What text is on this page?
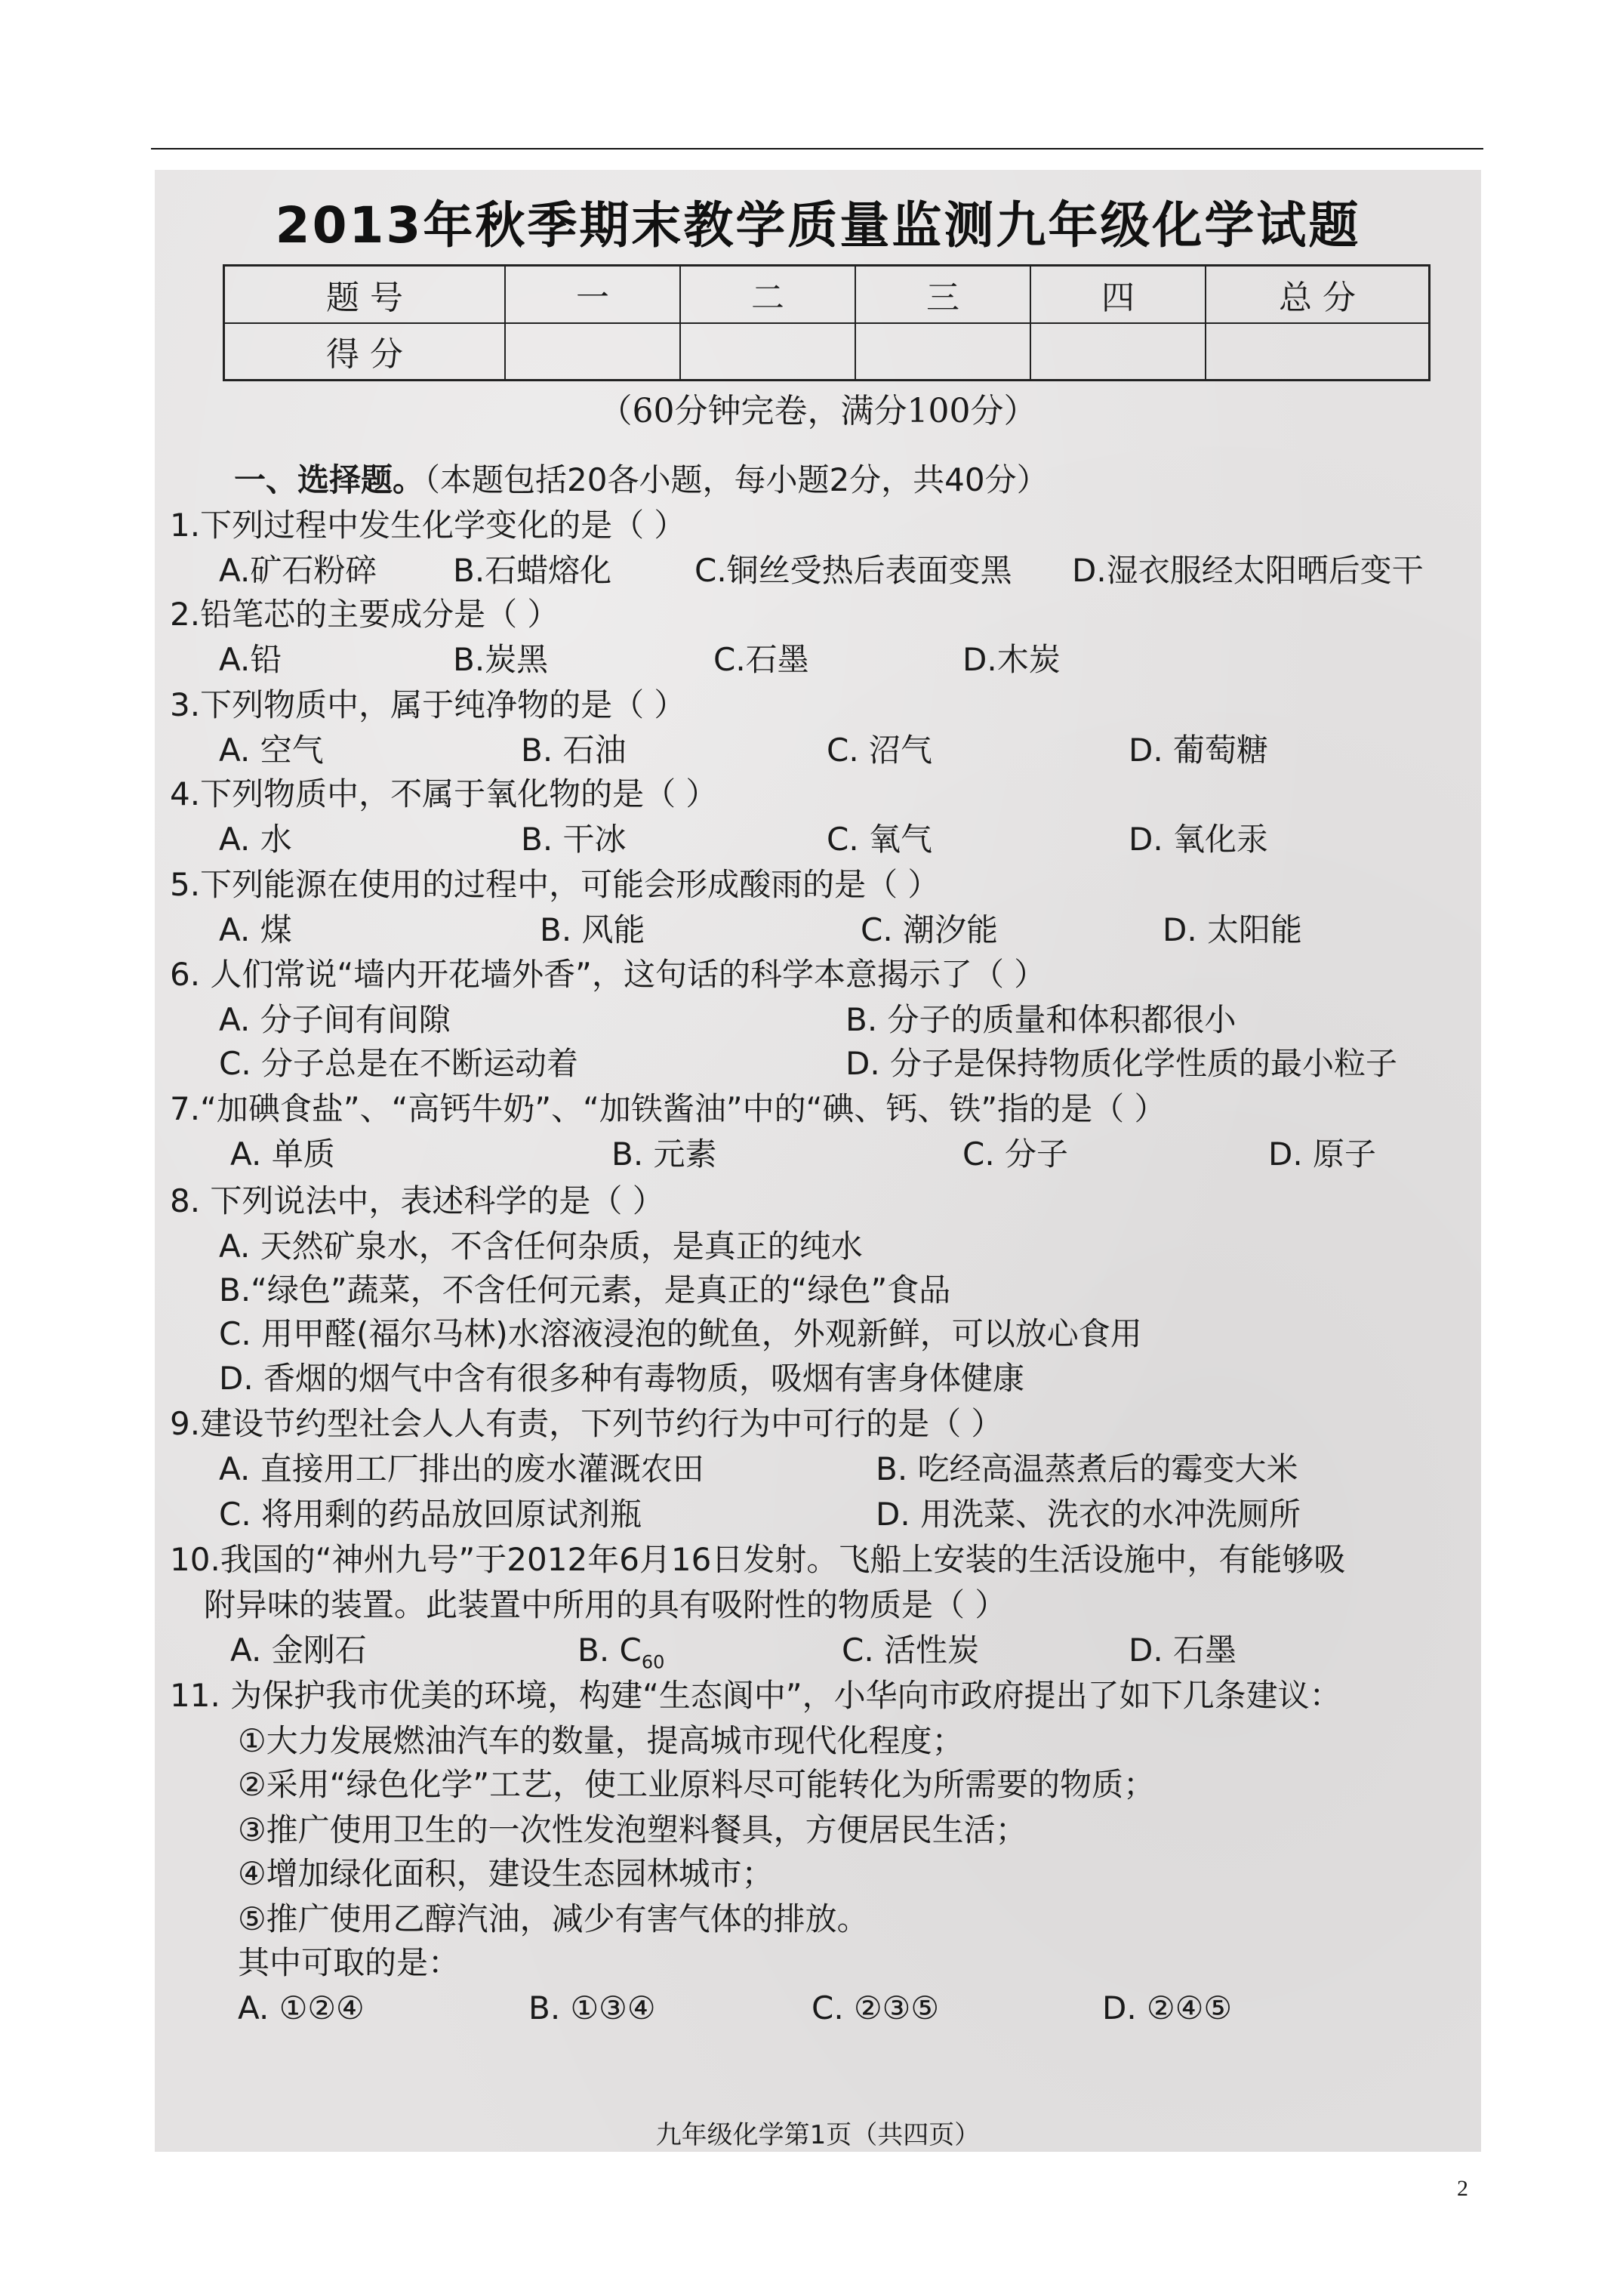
2013年秋季期末教学质量监测九年级化学试题
题 号	一	二	三	四	总 分
得 分					
（60分钟完卷，满分100分）
一、选择题。（本题包括20各小题，每小题2分，共40分）
1.下列过程中发生化学变化的是（ ）
A.矿石粉碎 B.石蜡熔化	C.铜丝受热后表面变黑 D.湿衣服经太阳晒后变干
2.铅笔芯的主要成分是（ ）
A.铅	B.炭黑	C.石墨	D.木炭
3.下列物质中，属于纯净物的是（ ）
A. 空气	B. 石油	C. 沼气	D. 葡萄糖
4.下列物质中，不属于氧化物的是（ ）
A. 水	B. 干冰	C. 氧气	D. 氧化汞
5.下列能源在使用的过程中，可能会形成酸雨的是（ ）
A. 煤	B. 风能	C. 潮汐能	D. 太阳能
6. 人们常说“墙内开花墙外香”，这句话的科学本意揭示了（ ）
A. 分子间有间隙	B. 分子的质量和体积都很小
C. 分子总是在不断运动着	D. 分子是保持物质化学性质的最小粒子
7.“加碘食盐”、“高钙牛奶”、“加铁酱油”中的“碘、钙、铁”指的是（ ）
A. 单质	B. 元素	C. 分子	D. 原子
8. 下列说法中，表述科学的是（ ）
A. 天然矿泉水，不含任何杂质，是真正的纯水
B.“绿色”蔬菜，不含任何元素，是真正的“绿色”食品
C. 用甲醛(福尔马林)水溶液浸泡的鱿鱼，外观新鲜，可以放心食用
D. 香烟的烟气中含有很多种有毒物质，吸烟有害身体健康
9.建设节约型社会人人有责，下列节约行为中可行的是（ ）
A. 直接用工厂排出的废水灌溉农田	B. 吃经高温蒸煮后的霉变大米
C. 将用剩的药品放回原试剂瓶	D. 用洗菜、洗衣的水冲洗厕所
10.我国的“神州九号”于2012年6月16日发射。飞船上安装的生活设施中，有能够吸
附异味的装置。此装置中所用的具有吸附性的物质是（ ）
A. 金刚石	B. $C_{60}$	C. 活性炭	D. 石墨
11. 为保护我市优美的环境，构建“生态阆中”，小华向市政府提出了如下几条建议：
①大力发展燃油汽车的数量，提高城市现代化程度；
②采用“绿色化学”工艺，使工业原料尽可能转化为所需要的物质；
③推广使用卫生的一次性发泡塑料餐具，方便居民生活；
④增加绿化面积，建设生态园林城市；
⑤推广使用乙醇汽油，减少有害气体的排放。
其中可取的是：
A. ①②④	B. ①③④	C. ②③⑤	D. ②④⑤
九年级化学第1页（共四页）
2
